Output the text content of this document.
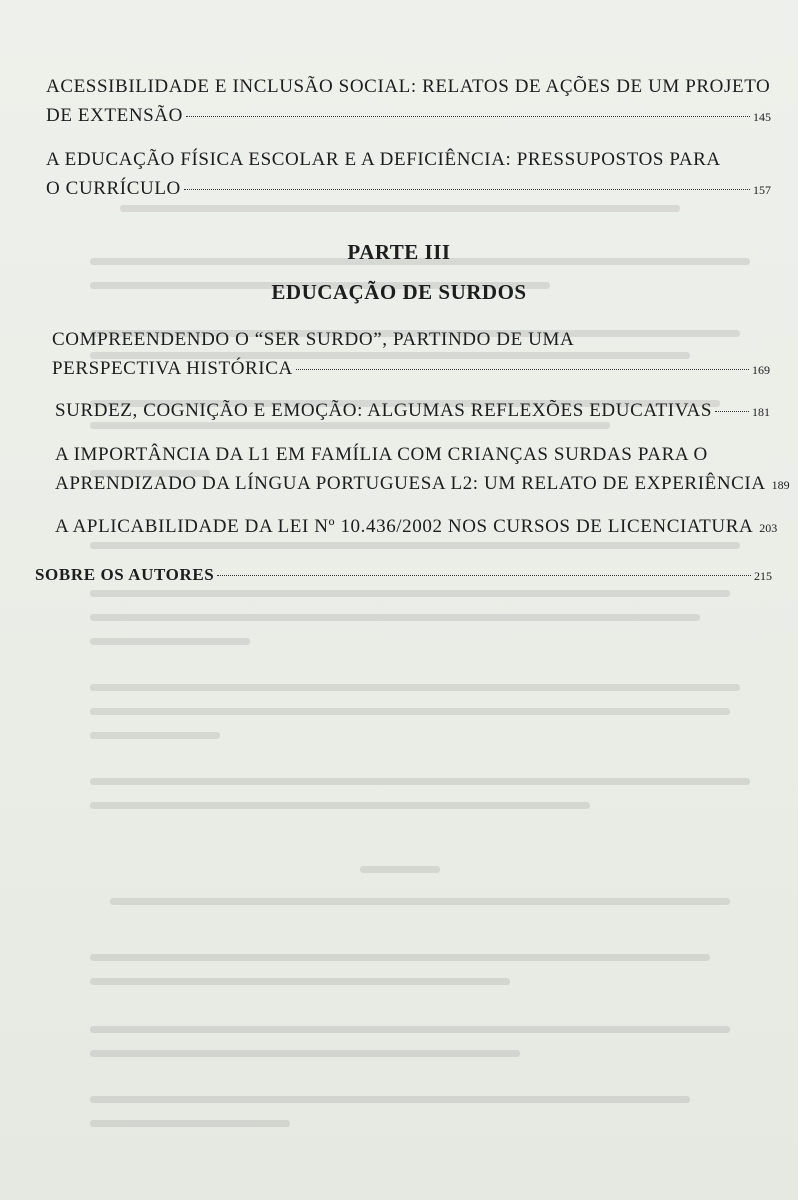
ACESSIBILIDADE E INCLUSÃO SOCIAL: RELATOS DE AÇÕES DE UM PROJETO
DE EXTENSÃO	145
A EDUCAÇÃO FÍSICA ESCOLAR E A DEFICIÊNCIA: PRESSUPOSTOS PARA
O CURRÍCULO	157
PARTE III
EDUCAÇÃO DE SURDOS
COMPREENDENDO O “SER SURDO”, PARTINDO DE UMA
PERSPECTIVA HISTÓRICA	169
SURDEZ, COGNIÇÃO E EMOÇÃO: ALGUMAS REFLEXÕES EDUCATIVAS	181
A IMPORTÂNCIA DA L1 EM FAMÍLIA COM CRIANÇAS SURDAS PARA O
APRENDIZADO DA LÍNGUA PORTUGUESA L2: UM RELATO DE EXPERIÊNCIA 189
A APLICABILIDADE DA LEI Nº 10.436/2002 NOS CURSOS DE LICENCIATURA 203
SOBRE OS AUTORES	215
